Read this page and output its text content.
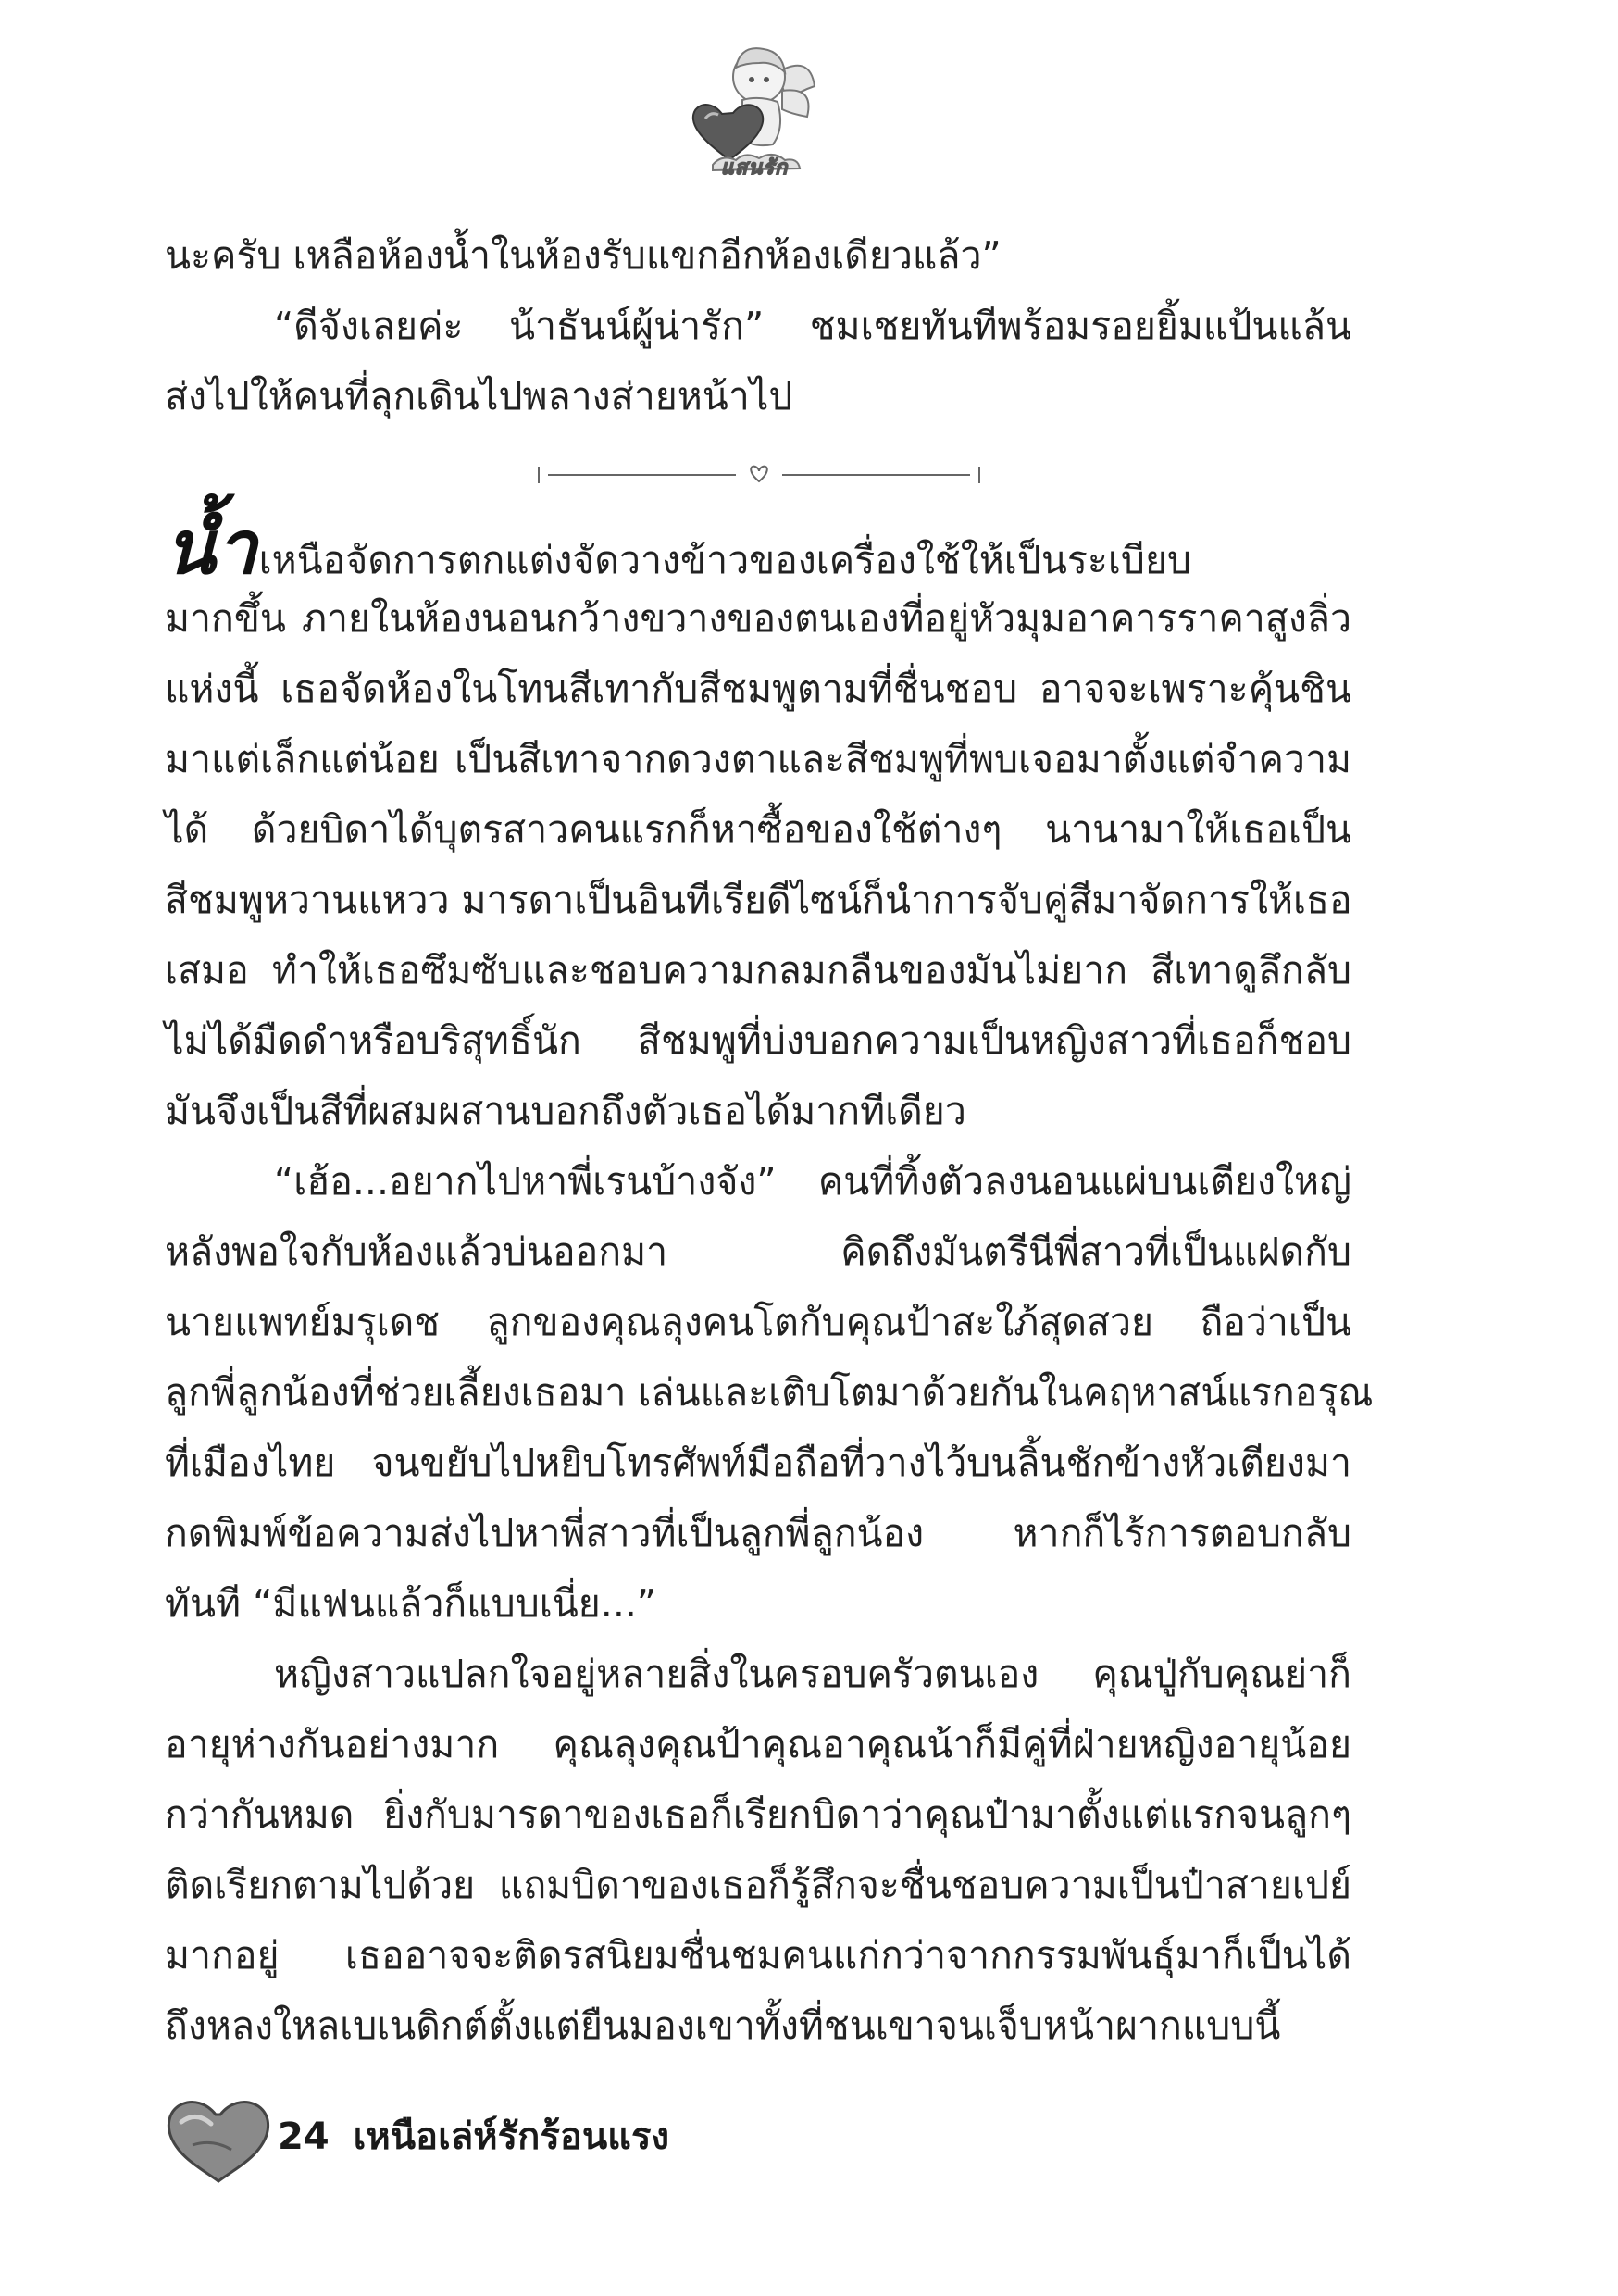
แสนรัก
นะครับ เหลือห้องน้ำในห้องรับแขกอีกห้องเดียวแล้ว”
“ดีจังเลยค่ะ น้าธันน์ผู้น่ารัก” ชมเชยทันทีพร้อมรอยยิ้มแป้นแล้น
ส่งไปให้คนที่ลุกเดินไปพลางส่ายหน้าไป
น้ำเหนือจัดการตกแต่งจัดวางข้าวของเครื่องใช้ให้เป็นระเบียบ
มากขึ้น ภายในห้องนอนกว้างขวางของตนเองที่อยู่หัวมุมอาคารราคาสูงลิ่ว
แห่งนี้ เธอจัดห้องในโทนสีเทากับสีชมพูตามที่ชื่นชอบ อาจจะเพราะคุ้นชิน
มาแต่เล็กแต่น้อย เป็นสีเทาจากดวงตาและสีชมพูที่พบเจอมาตั้งแต่จำความ
ได้ ด้วยบิดาได้บุตรสาวคนแรกก็หาซื้อของใช้ต่างๆ นานามาให้เธอเป็น
สีชมพูหวานแหวว มารดาเป็นอินทีเรียดีไซน์ก็นำการจับคู่สีมาจัดการให้เธอ
เสมอ ทำให้เธอซึมซับและชอบความกลมกลืนของมันไม่ยาก สีเทาดูลึกลับ
ไม่ได้มืดดำหรือบริสุทธิ์นัก สีชมพูที่บ่งบอกความเป็นหญิงสาวที่เธอก็ชอบ
มันจึงเป็นสีที่ผสมผสานบอกถึงตัวเธอได้มากทีเดียว
“เฮ้อ...อยากไปหาพี่เรนบ้างจัง” คนที่ทิ้งตัวลงนอนแผ่บนเตียงใหญ่
หลังพอใจกับห้องแล้วบ่นออกมา คิดถึงมันตรีนีพี่สาวที่เป็นแฝดกับ
นายแพทย์มรุเดช ลูกของคุณลุงคนโตกับคุณป้าสะใภ้สุดสวย ถือว่าเป็น
ลูกพี่ลูกน้องที่ช่วยเลี้ยงเธอมา เล่นและเติบโตมาด้วยกันในคฤหาสน์แรกอรุณ
ที่เมืองไทย จนขยับไปหยิบโทรศัพท์มือถือที่วางไว้บนลิ้นชักข้างหัวเตียงมา
กดพิมพ์ข้อความส่งไปหาพี่สาวที่เป็นลูกพี่ลูกน้อง หากก็ไร้การตอบกลับ
ทันที “มีแฟนแล้วก็แบบเนี่ย...”
หญิงสาวแปลกใจอยู่หลายสิ่งในครอบครัวตนเอง คุณปู่กับคุณย่าก็
อายุห่างกันอย่างมาก คุณลุงคุณป้าคุณอาคุณน้าก็มีคู่ที่ฝ่ายหญิงอายุน้อย
กว่ากันหมด ยิ่งกับมารดาของเธอก็เรียกบิดาว่าคุณป๋ามาตั้งแต่แรกจนลูกๆ
ติดเรียกตามไปด้วย แถมบิดาของเธอก็รู้สึกจะชื่นชอบความเป็นป๋าสายเปย์
มากอยู่ เธออาจจะติดรสนิยมชื่นชมคนแก่กว่าจากกรรมพันธุ์มาก็เป็นได้
ถึงหลงใหลเบเนดิกต์ตั้งแต่ยืนมองเขาทั้งที่ชนเขาจนเจ็บหน้าผากแบบนี้
24 เหนือเล่ห์รักร้อนแรง
